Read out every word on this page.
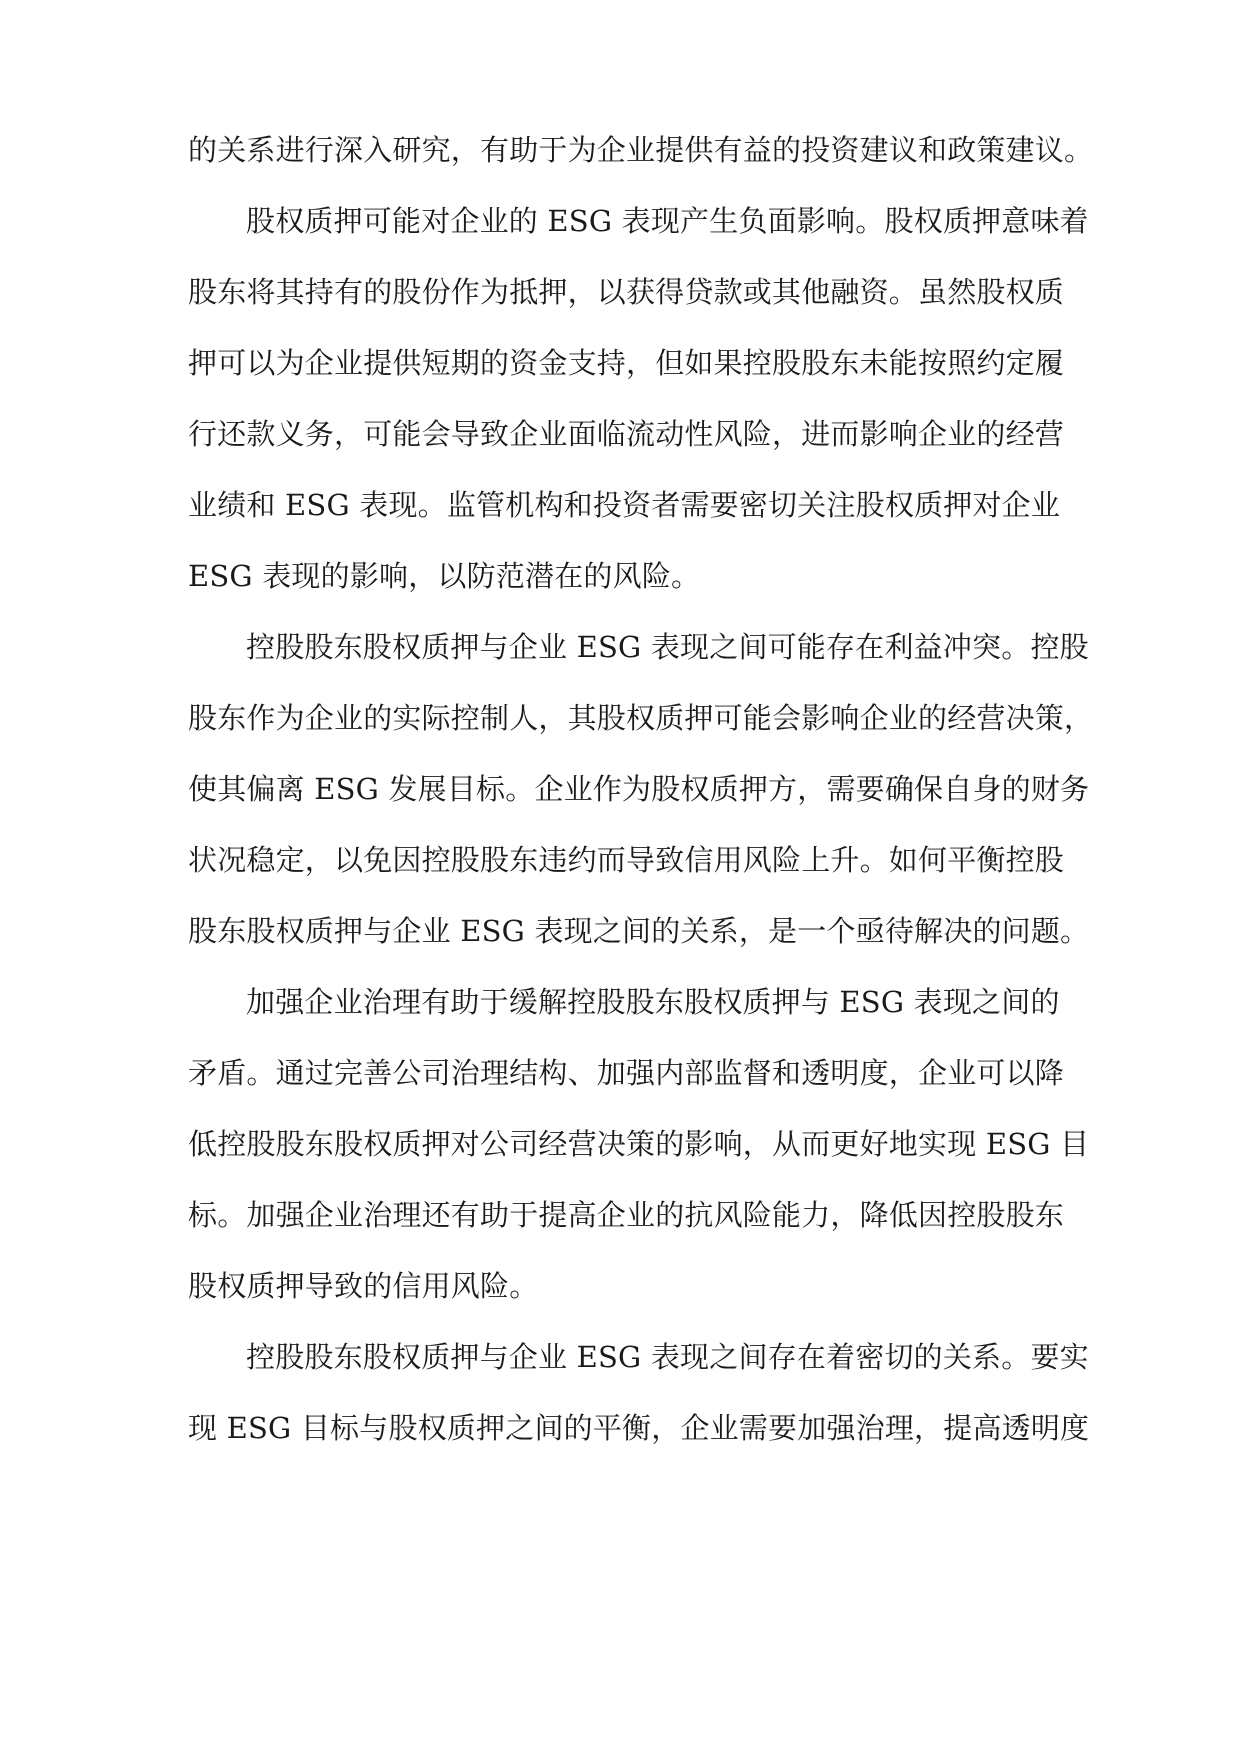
的关系进行深入研究，有助于为企业提供有益的投资建议和政策建议。
股权质押可能对企业的 ESG 表现产生负面影响。股权质押意味着
股东将其持有的股份作为抵押，以获得贷款或其他融资。虽然股权质
押可以为企业提供短期的资金支持，但如果控股股东未能按照约定履
行还款义务，可能会导致企业面临流动性风险，进而影响企业的经营
业绩和 ESG 表现。监管机构和投资者需要密切关注股权质押对企业
ESG 表现的影响，以防范潜在的风险。
控股股东股权质押与企业 ESG 表现之间可能存在利益冲突。控股
股东作为企业的实际控制人，其股权质押可能会影响企业的经营决策，
使其偏离 ESG 发展目标。企业作为股权质押方，需要确保自身的财务
状况稳定，以免因控股股东违约而导致信用风险上升。如何平衡控股
股东股权质押与企业 ESG 表现之间的关系，是一个亟待解决的问题。
加强企业治理有助于缓解控股股东股权质押与 ESG 表现之间的
矛盾。通过完善公司治理结构、加强内部监督和透明度，企业可以降
低控股股东股权质押对公司经营决策的影响，从而更好地实现 ESG 目
标。加强企业治理还有助于提高企业的抗风险能力，降低因控股股东
股权质押导致的信用风险。
控股股东股权质押与企业 ESG 表现之间存在着密切的关系。要实
现 ESG 目标与股权质押之间的平衡，企业需要加强治理，提高透明度
